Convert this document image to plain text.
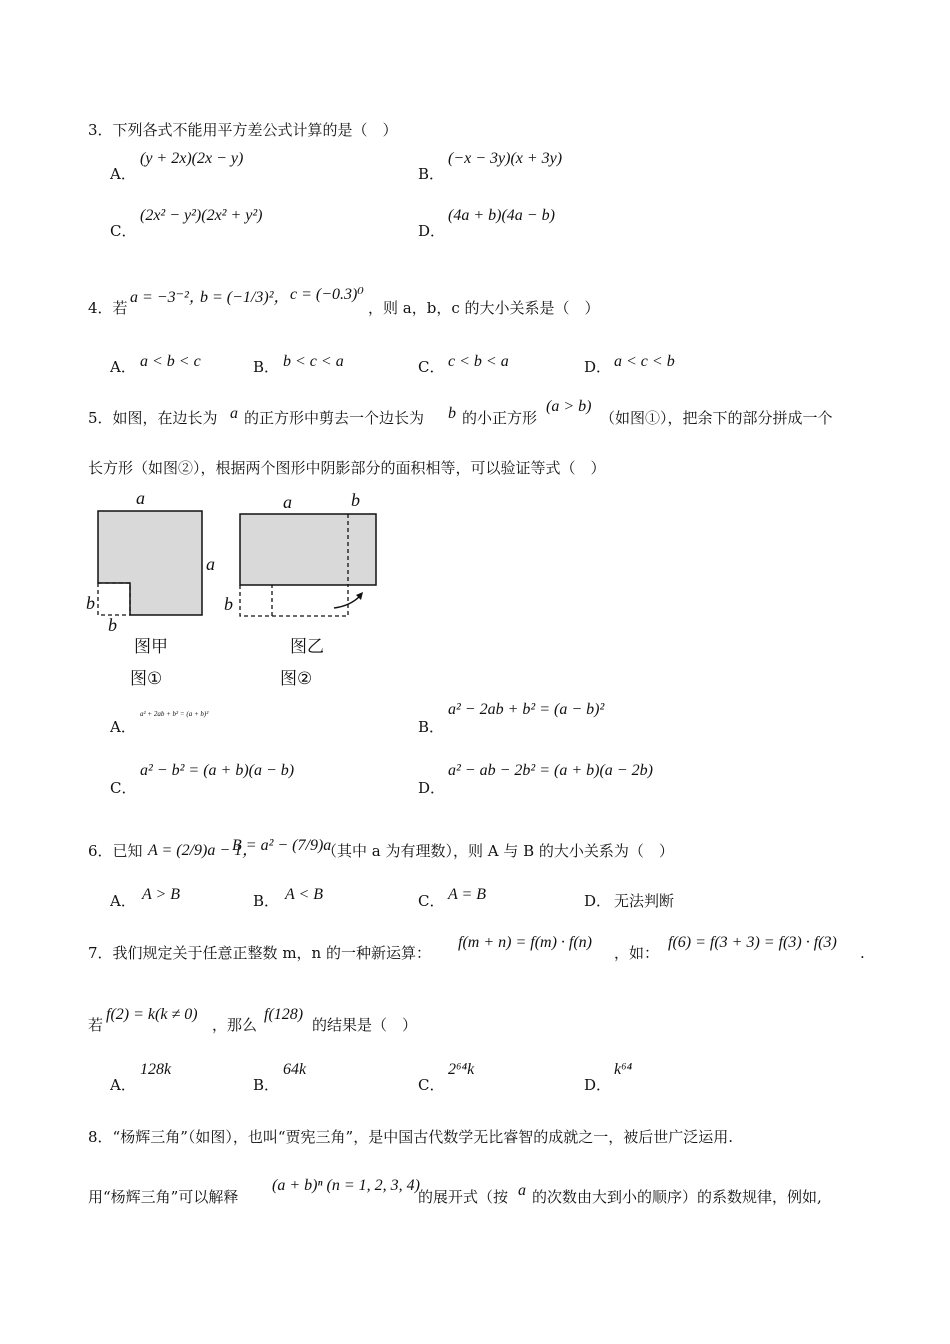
3．下列各式不能用平方差公式计算的是（　）
A．
(y + 2x)(2x − y)
B．
(−x − 3y)(x + 3y)
C．
(2x² − y²)(2x² + y²)
D．
(4a + b)(4a − b)
4．若
a = −3⁻²，
b = (−1/3)²， c = (−0.3)⁰
，则 a，b，c 的大小关系是（　）
A． a < b < c	B． b < c < a	C． c < b < a	D． a < c < b
5．如图，在边长为 a 的正方形中剪去一个边长为 b 的小正方形
(a > b)
（如图①），把余下的部分拼成一个
长方形（如图②），根据两个图形中阴影部分的面积相等，可以验证等式（　）
a
a
b
b
a	b
b
图甲	图乙
图①	图②
A．
a² + 2ab + b² = (a + b)²
B．
a² − 2ab + b² = (a − b)²
C．
a² − b² = (a + b)(a − b)
D．
a² − ab − 2b² = (a + b)(a − 2b)
6．已知 A = (2/9)a − 1，
B = a² − (7/9)a
（其中 a 为有理数），则 A 与 B 的大小关系为（　）
A． A > B	B． A < B	C． A = B	D． 无法判断
7．我们规定关于任意正整数 m，n 的一种新运算：
f(m + n) = f(m) · f(n)
，如：
f(6) = f(3 + 3) = f(3) · f(3)
.
若
f(2) = k(k ≠ 0)
，那么
f(128)
的结果是（　）
A．
128k
B．
64k
C．
2⁶⁴k
D．
k⁶⁴
8．“杨辉三角”（如图），也叫“贾宪三角”，是中国古代数学无比睿智的成就之一，被后世广泛运用.
用“杨辉三角”可以解释
(a + b)ⁿ (n = 1, 2, 3, 4)
的展开式（按 a 的次数由大到小的顺序）的系数规律，例如,
